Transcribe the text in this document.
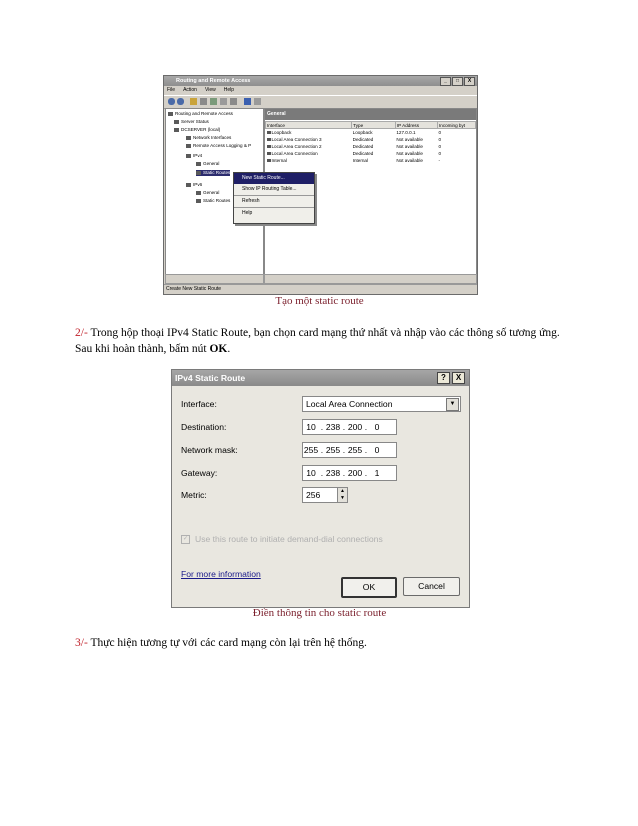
Routing and Remote Access	_	□	X
File Action View Help
Routing and Remote Access
Server Status
DCSERVER (local)
Network Interfaces
Remote Access Logging & P
IPv4
General
Static Routes
IPv6
General
Static Routes
General
Interface	Type	IP Address	Incoming byt
Loopback	Loopback	127.0.0.1	0
Local Area Connection 3	Dedicated	Not available	0
Local Area Connection 2	Dedicated	Not available	0
Local Area Connection	Dedicated	Not available	0
Internal	Internal	Not available	-
New Static Route...
Show IP Routing Table...
Refresh
Help
Create New Static Route
Tạo một static route
2/- Trong hộp thoại IPv4 Static Route, bạn chọn card mạng thứ nhất và nhập vào các thông số tương ứng. Sau khi hoàn thành, bấm nút OK.
IPv4 Static Route	?	X
Interface:	Local Area Connection	▼
Destination:	10 . 238 . 200 . 0
Network mask:	255 . 255 . 255 . 0
Gateway:	10 . 238 . 200 . 1
Metric:	256	▲
▼
✓ Use this route to initiate demand-dial connections
For more information
OK	Cancel
Điền thông tin cho static route
3/- Thực hiện tương tự với các card mạng còn lại trên hệ thống.
